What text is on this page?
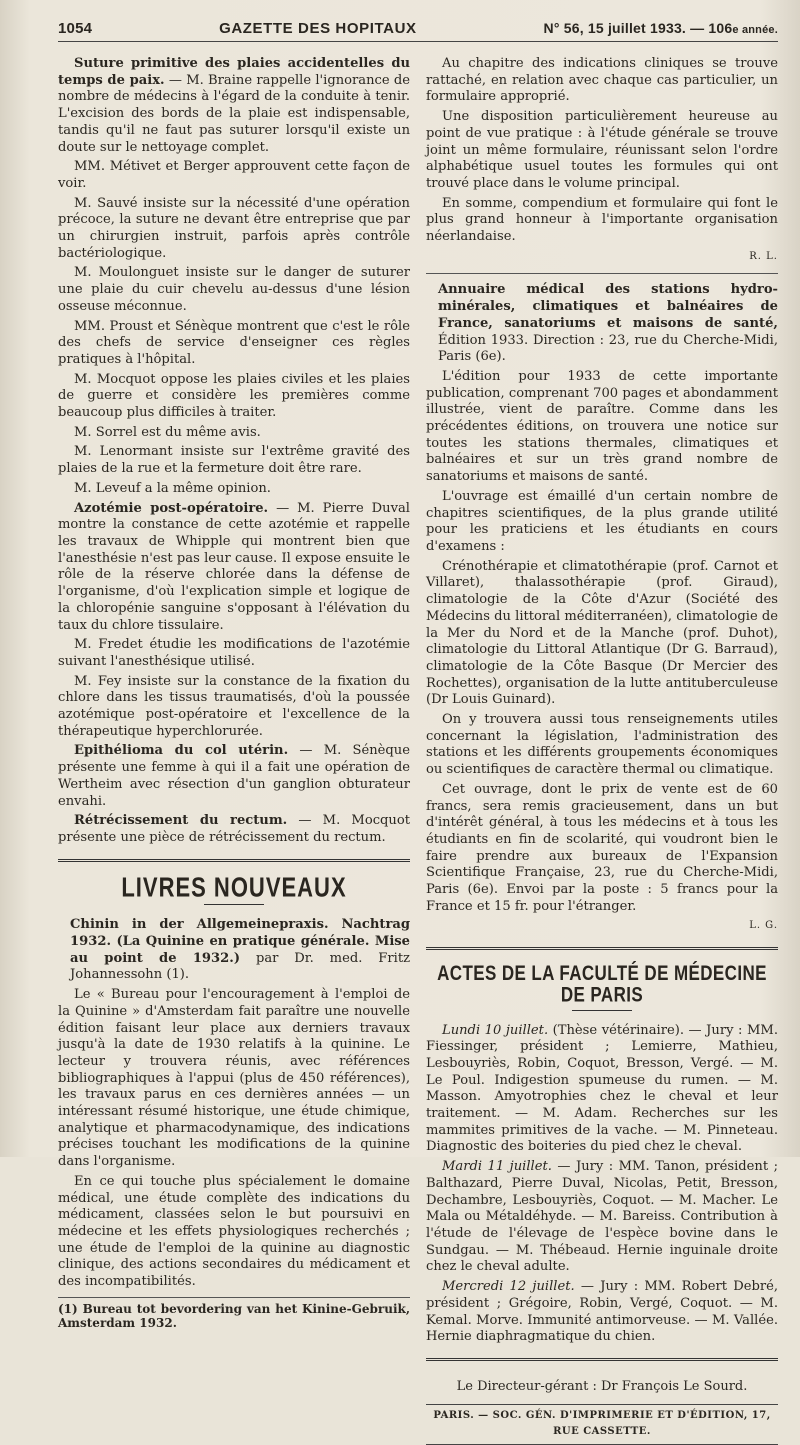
1054	GAZETTE DES HOPITAUX	N° 56, 15 juillet 1933. — 106e année.

Suture primitive des plaies accidentelles du temps de paix. — M. Braine rappelle l'ignorance de nombre de médecins à l'égard de la conduite à tenir. L'excision des bords de la plaie est indispensable, tandis qu'il ne faut pas suturer lorsqu'il existe un doute sur le nettoyage complet.

MM. Métivet et Berger approuvent cette façon de voir.

M. Sauvé insiste sur la nécessité d'une opération précoce, la suture ne devant être entreprise que par un chirurgien instruit, parfois après contrôle bactériologique.

M. Moulonguet insiste sur le danger de suturer une plaie du cuir chevelu au-dessus d'une lésion osseuse méconnue.

MM. Proust et Sénèque montrent que c'est le rôle des chefs de service d'enseigner ces règles pratiques à l'hôpital.

M. Mocquot oppose les plaies civiles et les plaies de guerre et considère les premières comme beaucoup plus difficiles à traiter.

M. Sorrel est du même avis.

M. Lenormant insiste sur l'extrême gravité des plaies de la rue et la fermeture doit être rare.

M. Leveuf a la même opinion.

Azotémie post-opératoire. — M. Pierre Duval montre la constance de cette azotémie et rappelle les travaux de Whipple qui montrent bien que l'anesthésie n'est pas leur cause. Il expose ensuite le rôle de la réserve chlorée dans la défense de l'organisme, d'où l'explication simple et logique de la chloropénie sanguine s'opposant à l'élévation du taux du chlore tissulaire.

M. Fredet étudie les modifications de l'azotémie suivant l'anesthésique utilisé.

M. Fey insiste sur la constance de la fixation du chlore dans les tissus traumatisés, d'où la poussée azotémique post-opératoire et l'excellence de la thérapeutique hyperchlorurée.

Epithélioma du col utérin. — M. Sénèque présente une femme à qui il a fait une opération de Wertheim avec résection d'un ganglion obturateur envahi.

Rétrécissement du rectum. — M. Mocquot présente une pièce de rétrécissement du rectum.

LIVRES NOUVEAUX

Chinin in der Allgemeinepraxis. Nachtrag 1932. (La Quinine en pratique générale. Mise au point de 1932.) par Dr. med. Fritz Johannessohn (1).

Le « Bureau pour l'encouragement à l'emploi de la Quinine » d'Amsterdam fait paraître une nouvelle édition faisant leur place aux derniers travaux jusqu'à la date de 1930 relatifs à la quinine. Le lecteur y trouvera réunis, avec références bibliographiques à l'appui (plus de 450 références), les travaux parus en ces dernières années — un intéressant résumé historique, une étude chimique, analytique et pharmacodynamique, des indications précises touchant les modifications de la quinine dans l'organisme.

En ce qui touche plus spécialement le domaine médical, une étude complète des indications du médicament, classées selon le but poursuivi en médecine et les effets physiologiques recherchés ; une étude de l'emploi de la quinine au diagnostic clinique, des actions secondaires du médicament et des incompatibilités.

(1) Bureau tot bevordering van het Kinine-Gebruik, Amsterdam 1932.

Au chapitre des indications cliniques se trouve rattaché, en relation avec chaque cas particulier, un formulaire approprié.

Une disposition particulièrement heureuse au point de vue pratique : à l'étude générale se trouve joint un même formulaire, réunissant selon l'ordre alphabétique usuel toutes les formules qui ont trouvé place dans le volume principal.

En somme, compendium et formulaire qui font le plus grand honneur à l'importante organisation néerlandaise.

R. L.

Annuaire médical des stations hydro-minérales, climatiques et balnéaires de France, sanatoriums et maisons de santé, Édition 1933. Direction : 23, rue du Cherche-Midi, Paris (6e).

L'édition pour 1933 de cette importante publication, comprenant 700 pages et abondamment illustrée, vient de paraître. Comme dans les précédentes éditions, on trouvera une notice sur toutes les stations thermales, climatiques et balnéaires et sur un très grand nombre de sanatoriums et maisons de santé.

L'ouvrage est émaillé d'un certain nombre de chapitres scientifiques, de la plus grande utilité pour les praticiens et les étudiants en cours d'examens :

Crénothérapie et climatothérapie (prof. Carnot et Villaret), thalassothérapie (prof. Giraud), climatologie de la Côte d'Azur (Société des Médecins du littoral méditerranéen), climatologie de la Mer du Nord et de la Manche (prof. Duhot), climatologie du Littoral Atlantique (Dr G. Barraud), climatologie de la Côte Basque (Dr Mercier des Rochettes), organisation de la lutte antituberculeuse (Dr Louis Guinard).

On y trouvera aussi tous renseignements utiles concernant la législation, l'administration des stations et les différents groupements économiques ou scientifiques de caractère thermal ou climatique.

Cet ouvrage, dont le prix de vente est de 60 francs, sera remis gracieusement, dans un but d'intérêt général, à tous les médecins et à tous les étudiants en fin de scolarité, qui voudront bien le faire prendre aux bureaux de l'Expansion Scientifique Française, 23, rue du Cherche-Midi, Paris (6e). Envoi par la poste : 5 francs pour la France et 15 fr. pour l'étranger.

L. G.
ACTES DE LA FACULTÉ DE MÉDECINE DE PARIS

Lundi 10 juillet. (Thèse vétérinaire). — Jury : MM. Fiessinger, président ; Lemierre, Mathieu, Lesbouyriès, Robin, Coquot, Bresson, Vergé. — M. Le Poul. Indigestion spumeuse du rumen. — M. Masson. Amyotrophies chez le cheval et leur traitement. — M. Adam. Recherches sur les mammites primitives de la vache. — M. Pinneteau. Diagnostic des boiteries du pied chez le cheval.

Mardi 11 juillet. — Jury : MM. Tanon, président ; Balthazard, Pierre Duval, Nicolas, Petit, Bresson, Dechambre, Lesbouyriès, Coquot. — M. Macher. Le Mala ou Métaldéhyde. — M. Bareiss. Contribution à l'étude de l'élevage de l'espèce bovine dans le Sundgau. — M. Thébeaud. Hernie inguinale droite chez le cheval adulte.

Mercredi 12 juillet. — Jury : MM. Robert Debré, président ; Grégoire, Robin, Vergé, Coquot. — M. Kemal. Morve. Immunité antimorveuse. — M. Vallée. Hernie diaphragmatique du chien.

Le Directeur-gérant : Dr François Le Sourd.
PARIS. — SOC. GÉN. D'IMPRIMERIE ET D'ÉDITION, 17, RUE CASSETTE.
